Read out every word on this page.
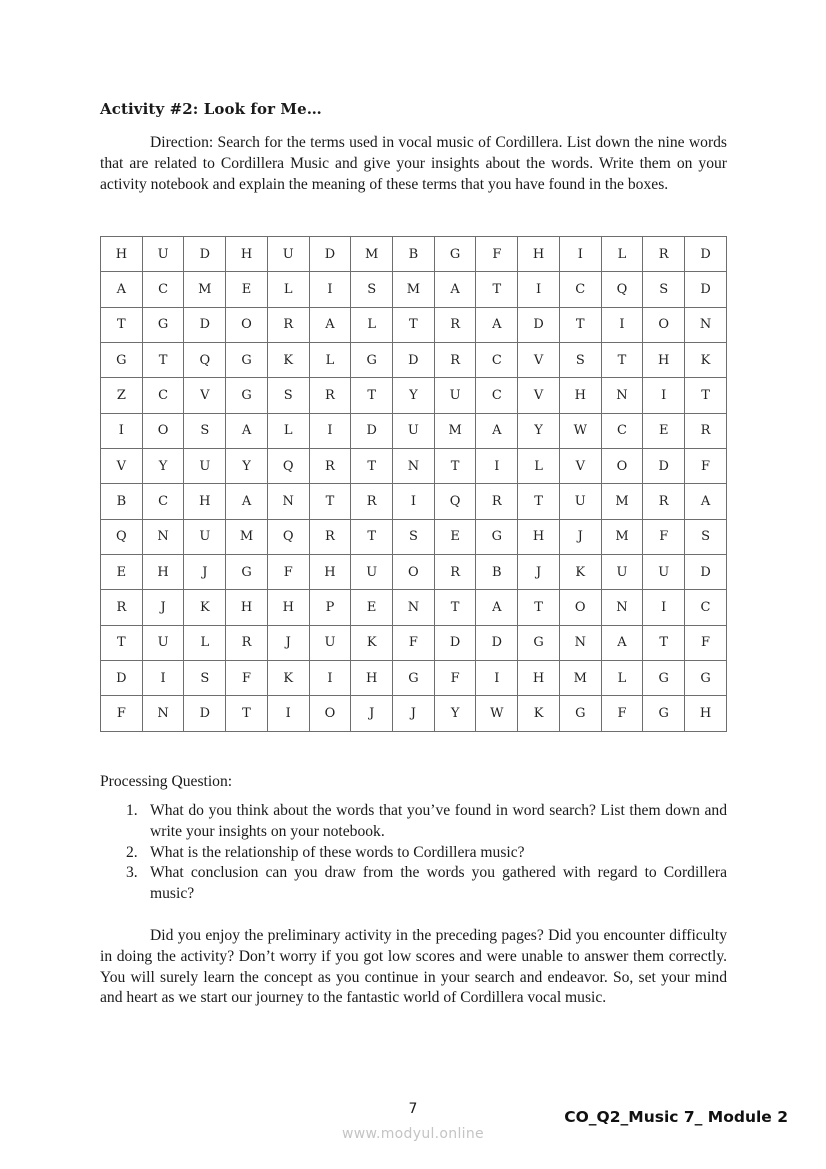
Activity #2: Look for Me…
Direction: Search for the terms used in vocal music of Cordillera. List down the nine words that are related to Cordillera Music and give your insights about the words. Write them on your activity notebook and explain the meaning of these terms that you have found in the boxes.
H	U	D	H	U	D	M	B	G	F	H	I	L	R	D
A	C	M	E	L	I	S	M	A	T	I	C	Q	S	D
T	G	D	O	R	A	L	T	R	A	D	T	I	O	N
G	T	Q	G	K	L	G	D	R	C	V	S	T	H	K
Z	C	V	G	S	R	T	Y	U	C	V	H	N	I	T
I	O	S	A	L	I	D	U	M	A	Y	W	C	E	R
V	Y	U	Y	Q	R	T	N	T	I	L	V	O	D	F
B	C	H	A	N	T	R	I	Q	R	T	U	M	R	A
Q	N	U	M	Q	R	T	S	E	G	H	J	M	F	S
E	H	J	G	F	H	U	O	R	B	J	K	U	U	D
R	J	K	H	H	P	E	N	T	A	T	O	N	I	C
T	U	L	R	J	U	K	F	D	D	G	N	A	T	F
D	I	S	F	K	I	H	G	F	I	H	M	L	G	G
F	N	D	T	I	O	J	J	Y	W	K	G	F	G	H
Processing Question:
1. What do you think about the words that you’ve found in word search? List them down and write your insights on your notebook.
2. What is the relationship of these words to Cordillera music?
3. What conclusion can you draw from the words you gathered with regard to Cordillera music?
Did you enjoy the preliminary activity in the preceding pages? Did you encounter difficulty in doing the activity? Don’t worry if you got low scores and were unable to answer them correctly. You will surely learn the concept as you continue in your search and endeavor. So, set your mind and heart as we start our journey to the fantastic world of Cordillera vocal music.
7
www.modyul.online
CO_Q2_Music 7_ Module 2
